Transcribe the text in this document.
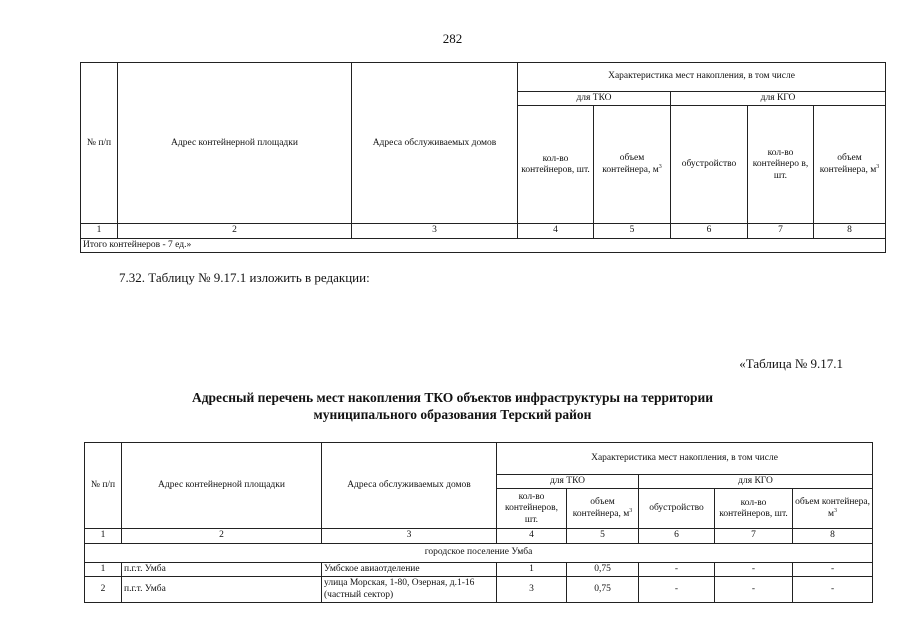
282
№ п/п	Адрес контейнерной площадки	Адреса обслуживаемых домов	Характеристика мест накопления, в том числе				
			для ТКО		для КГО		
			кол-во контейнеров, шт.	объем контейнера, $м^3$	обустройство	кол-во контейнеро в, шт.	объем контейнера, $м^3$
1	2	3	4	5	6	7	8
Итого контейнеров - 7 ед.»							
7.32. Таблицу № 9.17.1 изложить в редакции:
«Таблица № 9.17.1
Адресный перечень мест накопления ТКО объектов инфраструктуры на территории
муниципального образования Терский район
№ п/п	Адрес контейнерной площадки	Адреса обслуживаемых домов	Характеристика мест накопления, в том числе				
			для ТКО		для КГО		
			кол-во контейнеров, шт.	объем контейнера, $м^3$	обустройство	кол-во контейнеров, шт.	объем контейнера, $м^3$
1	2	3	4	5	6	7	8
городское поселение Умба							
1	п.г.т. Умба	Умбское авиаотделение	1	0,75	-	-	-
2	п.г.т. Умба	улица Морская, 1-80, Озерная, д.1-16 (частный сектор)	3	0,75	-	-	-
